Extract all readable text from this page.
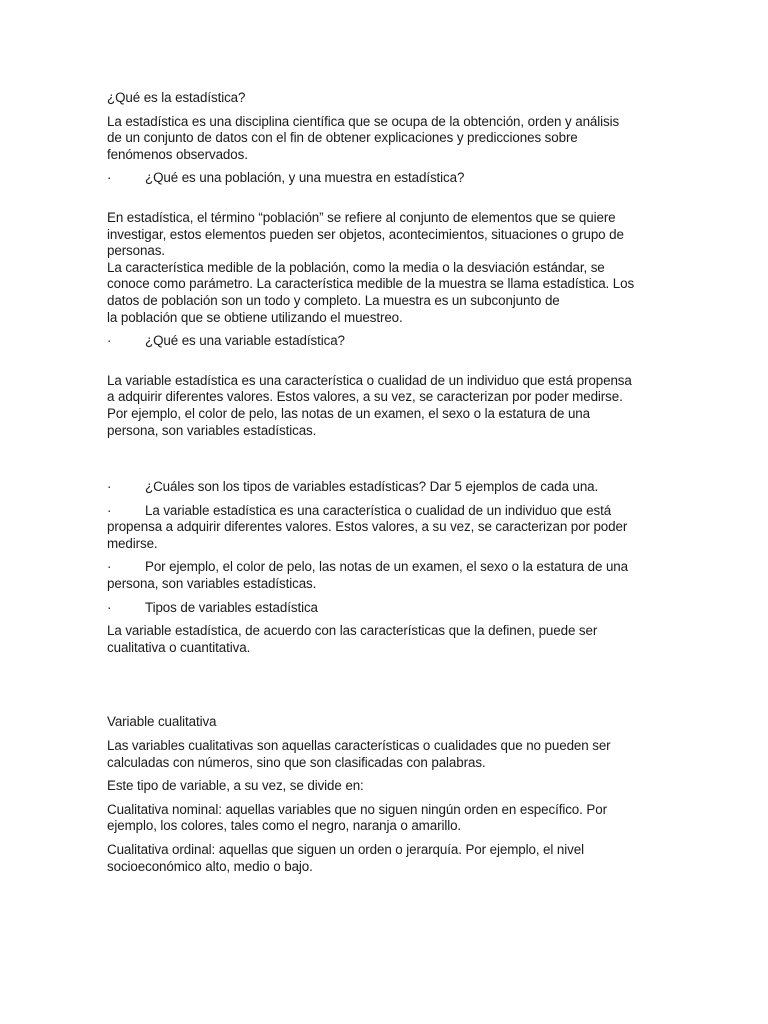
¿Qué es la estadística?

La estadística es una disciplina científica que se ocupa de la obtención, orden y análisis
de un conjunto de datos con el fin de obtener explicaciones y predicciones sobre
fenómenos observados.

·	¿Qué es una población, y una muestra en estadística?

En estadística, el término “población” se refiere al conjunto de elementos que se quiere
investigar, estos elementos pueden ser objetos, acontecimientos, situaciones o grupo de
personas.
La característica medible de la población, como la media o la desviación estándar, se
conoce como parámetro. La característica medible de la muestra se llama estadística. Los
datos de población son un todo y completo. La muestra es un subconjunto de
la población que se obtiene utilizando el muestreo.

·	¿Qué es una variable estadística?

La variable estadística es una característica o cualidad de un individuo que está propensa
a adquirir diferentes valores. Estos valores, a su vez, se caracterizan por poder medirse.
Por ejemplo, el color de pelo, las notas de un examen, el sexo o la estatura de una
persona, son variables estadísticas.

·	¿Cuáles son los tipos de variables estadísticas? Dar 5 ejemplos de cada una.

·	La variable estadística es una característica o cualidad de un individuo que está
propensa a adquirir diferentes valores. Estos valores, a su vez, se caracterizan por poder
medirse.

·	Por ejemplo, el color de pelo, las notas de un examen, el sexo o la estatura de una
persona, son variables estadísticas.

·	Tipos de variables estadística

La variable estadística, de acuerdo con las características que la definen, puede ser
cualitativa o cuantitativa.

Variable cualitativa

Las variables cualitativas son aquellas características o cualidades que no pueden ser
calculadas con números, sino que son clasificadas con palabras.

Este tipo de variable, a su vez, se divide en:

Cualitativa nominal: aquellas variables que no siguen ningún orden en específico. Por
ejemplo, los colores, tales como el negro, naranja o amarillo.

Cualitativa ordinal: aquellas que siguen un orden o jerarquía. Por ejemplo, el nivel
socioeconómico alto, medio o bajo.
